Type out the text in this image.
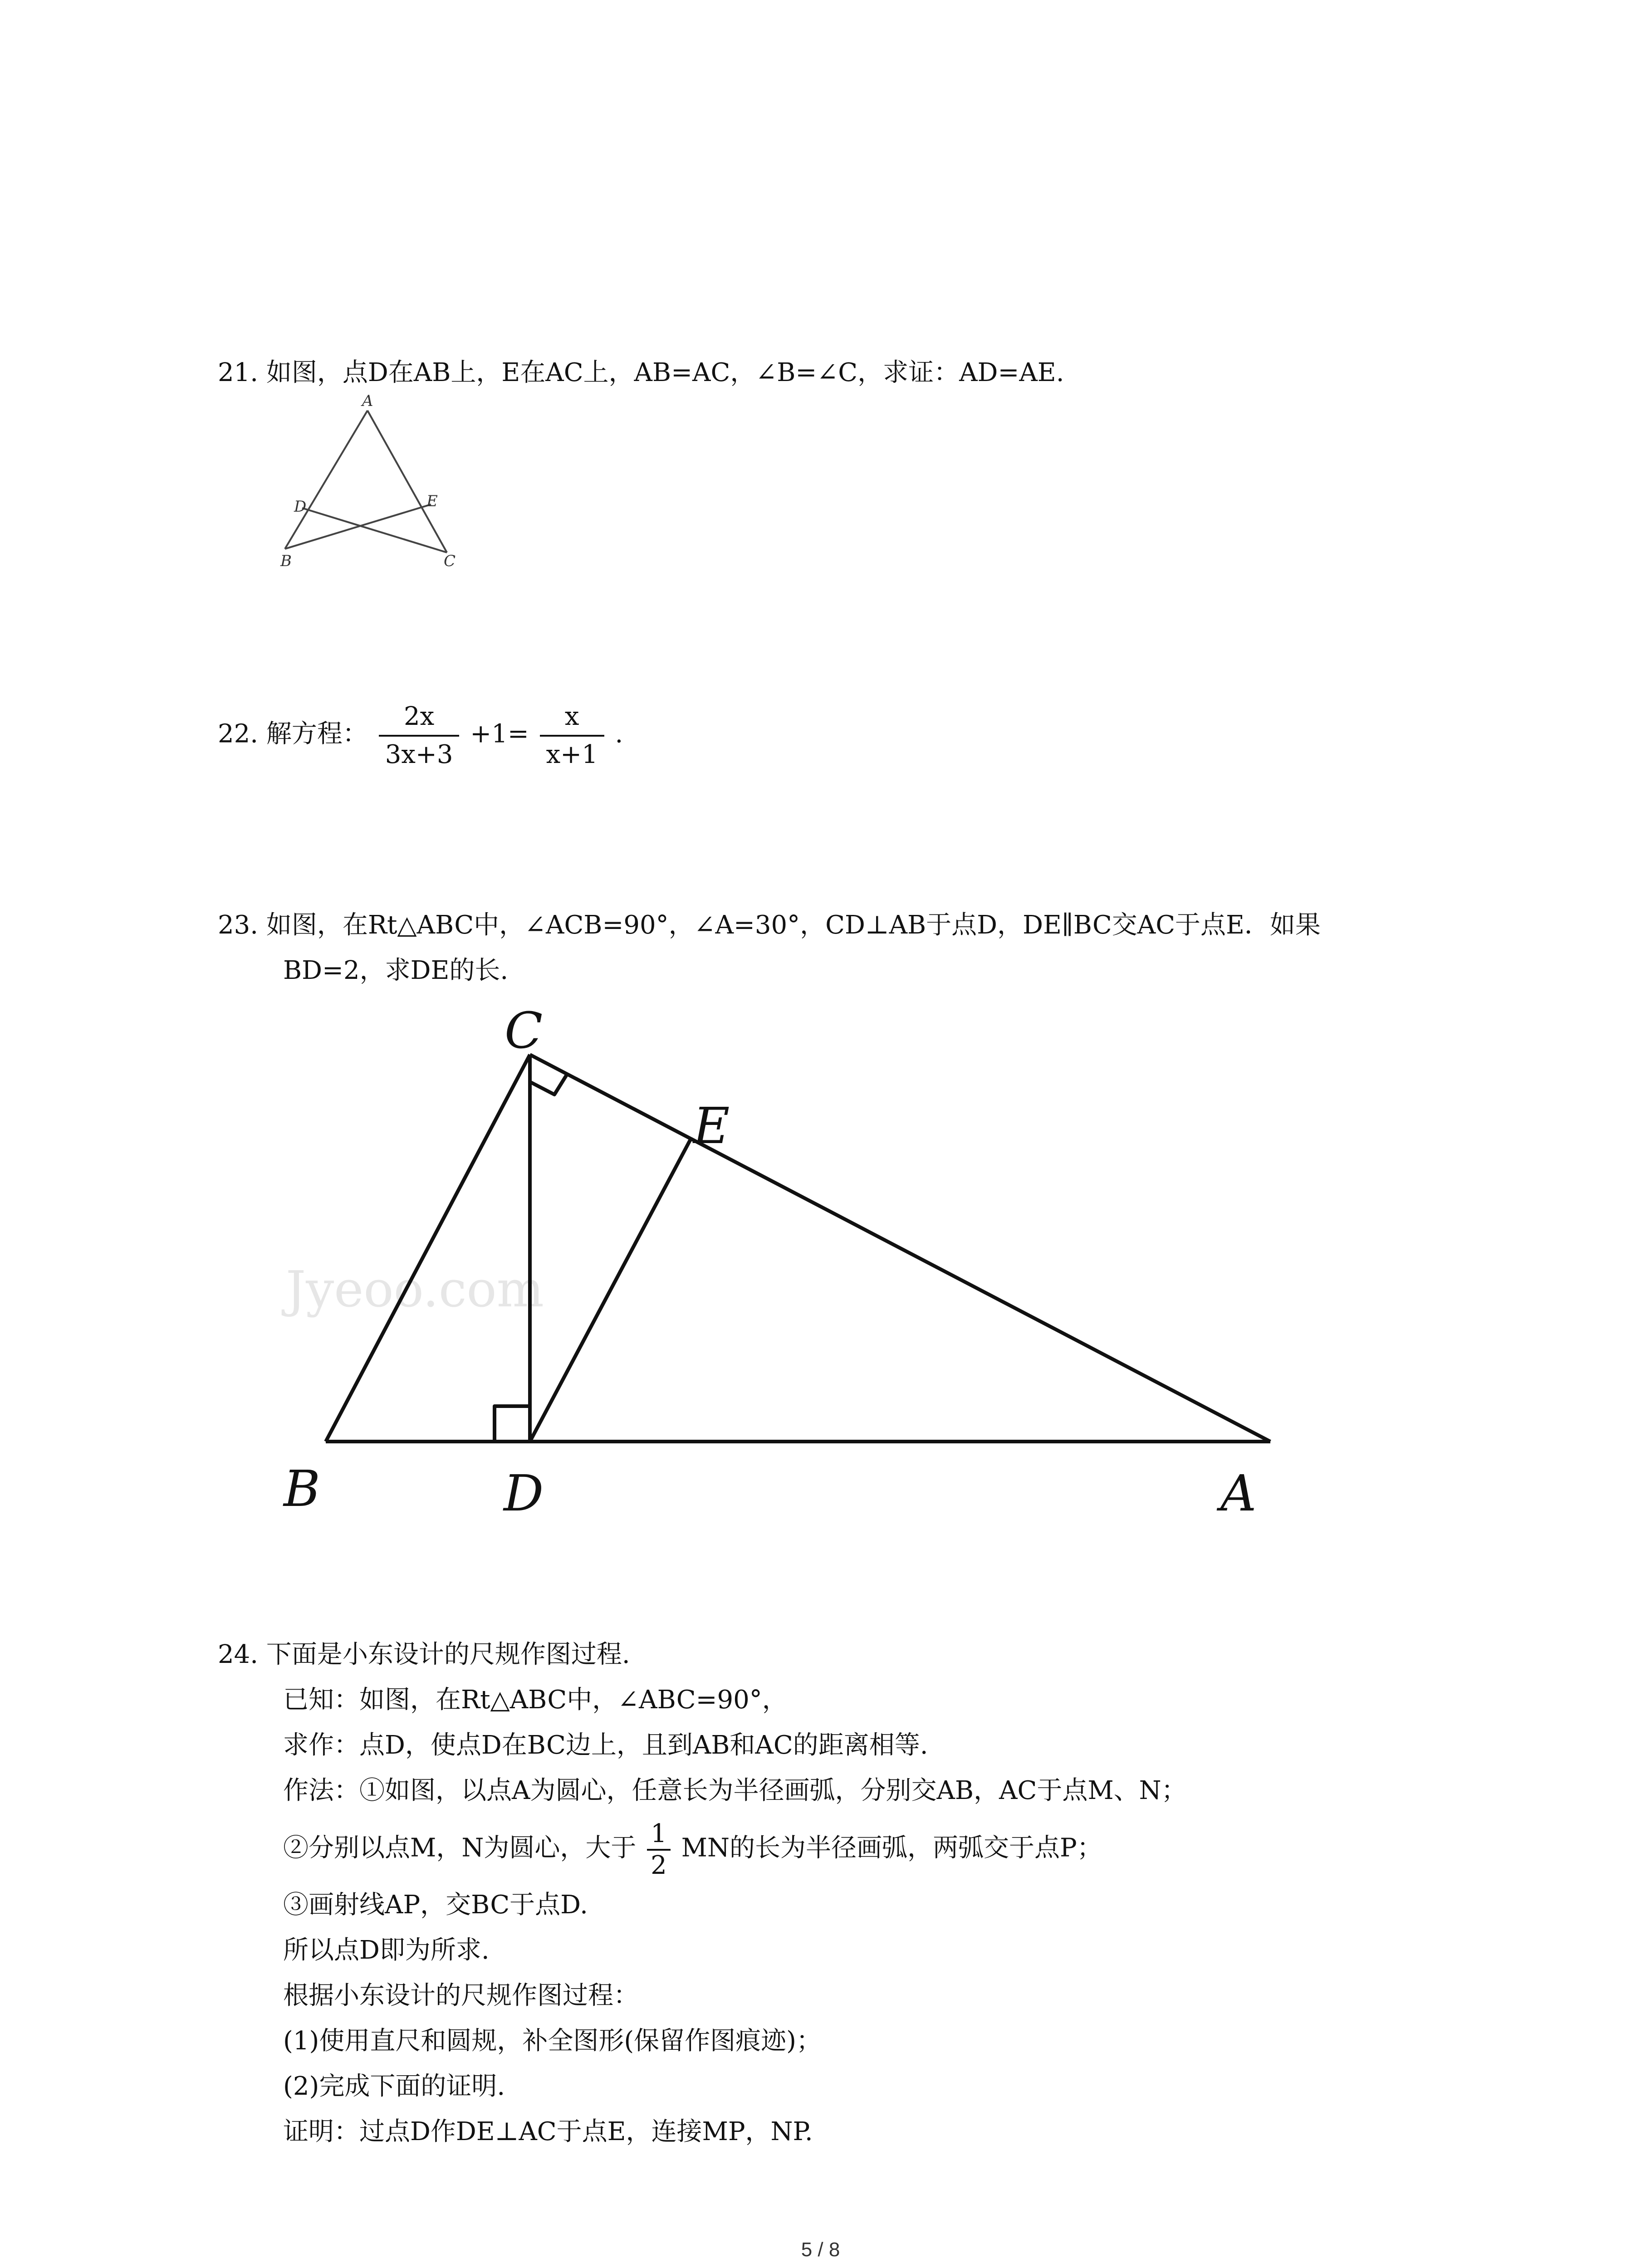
21. 如图，点D在AB上，E在AC上，AB=AC，∠B=∠C，求证：AD=AE.
A
D	E
B	C
22. 解方程： $\frac{2x}{3x+3} +1= \frac{x}{x+1}$ .
23. 如图，在Rt△ABC中，∠ACB=90°，∠A=30°，CD⊥AB于点D，DE∥BC交AC于点E．如果
BD=2，求DE的长.
Jyeoo.com
C
E
B	D	A
24. 下面是小东设计的尺规作图过程.
已知：如图，在Rt△ABC中，∠ABC=90°，
求作：点D，使点D在BC边上，且到AB和AC的距离相等.
作法：①如图，以点A为圆心，任意长为半径画弧，分别交AB，AC于点M、N；
②分别以点M，N为圆心，大于 $\frac{1}{2}$ MN的长为半径画弧，两弧交于点P；
③画射线AP，交BC于点D.
所以点D即为所求.
根据小东设计的尺规作图过程：
(1)使用直尺和圆规，补全图形(保留作图痕迹)；
(2)完成下面的证明.
证明：过点D作DE⊥AC于点E，连接MP，NP.
5 / 8
